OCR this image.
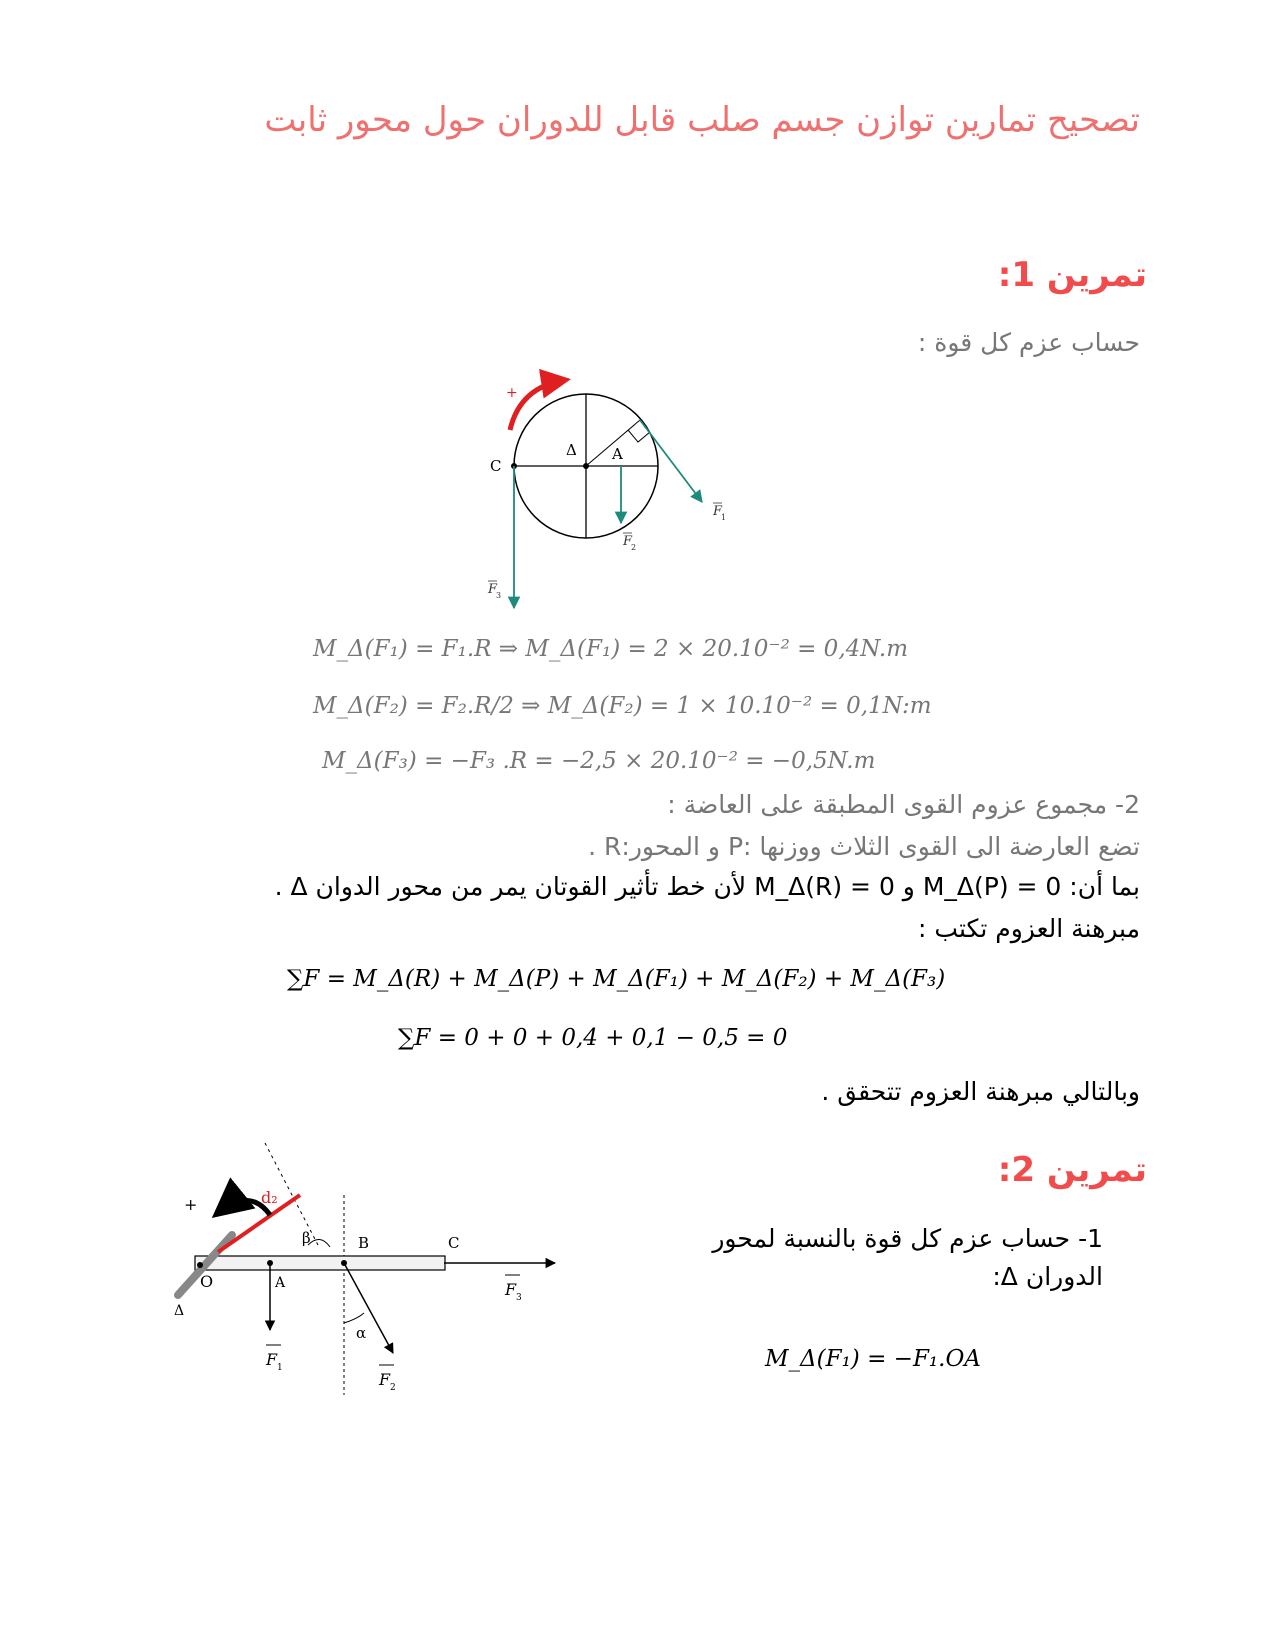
تصحيح تمارين توازن جسم صلب قابل للدوران حول محور ثابت
تمرين 1:
حساب عزم كل قوة :
+
Δ A
C
F
1
F
2
F
3
M_Δ(F₁) = F₁.R ⇒ M_Δ(F₁) = 2 × 20.10⁻² = 0,4N.m
M_Δ(F₂) = F₂.R/2 ⇒ M_Δ(F₂) = 1 × 10.10⁻² = 0,1N:m
M_Δ(F₃) = −F₃ .R = −2,5 × 20.10⁻² = −0,5N.m
2- مجموع عزوم القوى المطبقة على العاضة :
تضع العارضة الى القوى الثلاث ووزنها :P و المحور:R .
بما أن: M_Δ(P) = 0 و M_Δ(R) = 0 لأن خط تأثير القوتان يمر من محور الدوان Δ .
مبرهنة العزوم تكتب :
∑F = M_Δ(R) + M_Δ(P) + M_Δ(F₁) + M_Δ(F₂) + M_Δ(F₃)
∑F = 0 + 0 + 0,4 + 0,1 − 0,5 = 0
وبالتالي مبرهنة العزوم تتحقق .
تمرين 2:
1- حساب عزم كل قوة بالنسبة لمحور الدوران Δ:
M_Δ(F₁) = −F₁.OA
+	d₂
β	B	C
F 3
O	A
Δ
F 1
α
F 2
